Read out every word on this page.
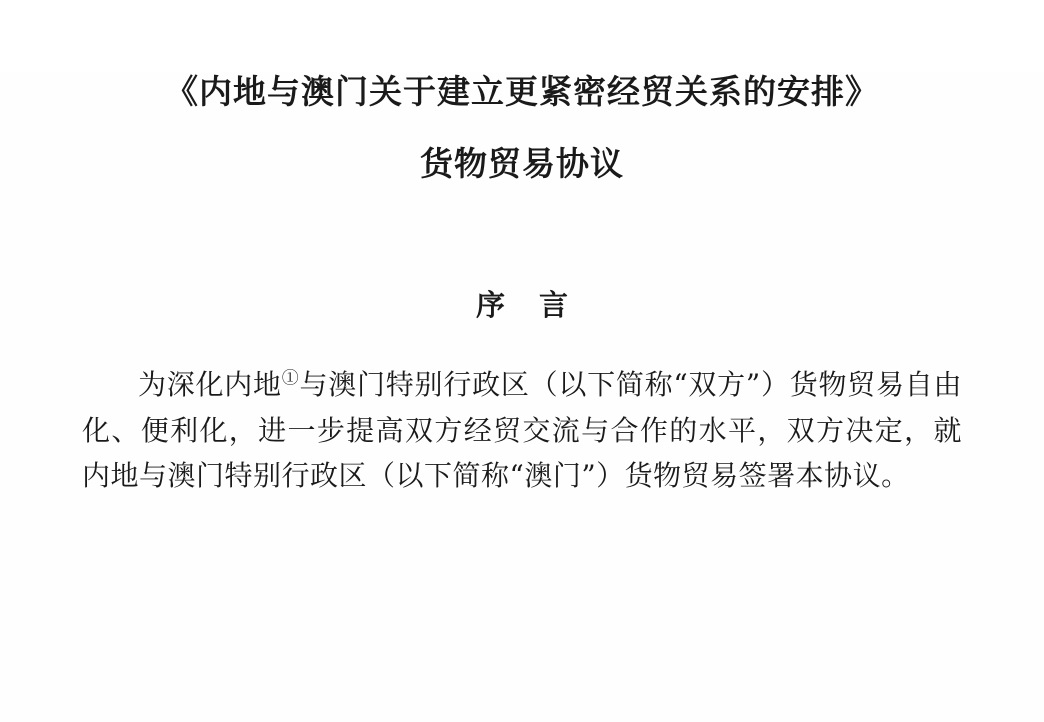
《内地与澳门关于建立更紧密经贸关系的安排》
货物贸易协议
序 言

为深化内地①与澳门特别行政区（以下简称“双方”）货物贸易自由化、便利化，进一步提高双方经贸交流与合作的水平，双方决定，就内地与澳门特别行政区（以下简称“澳门”）货物贸易签署本协议。
